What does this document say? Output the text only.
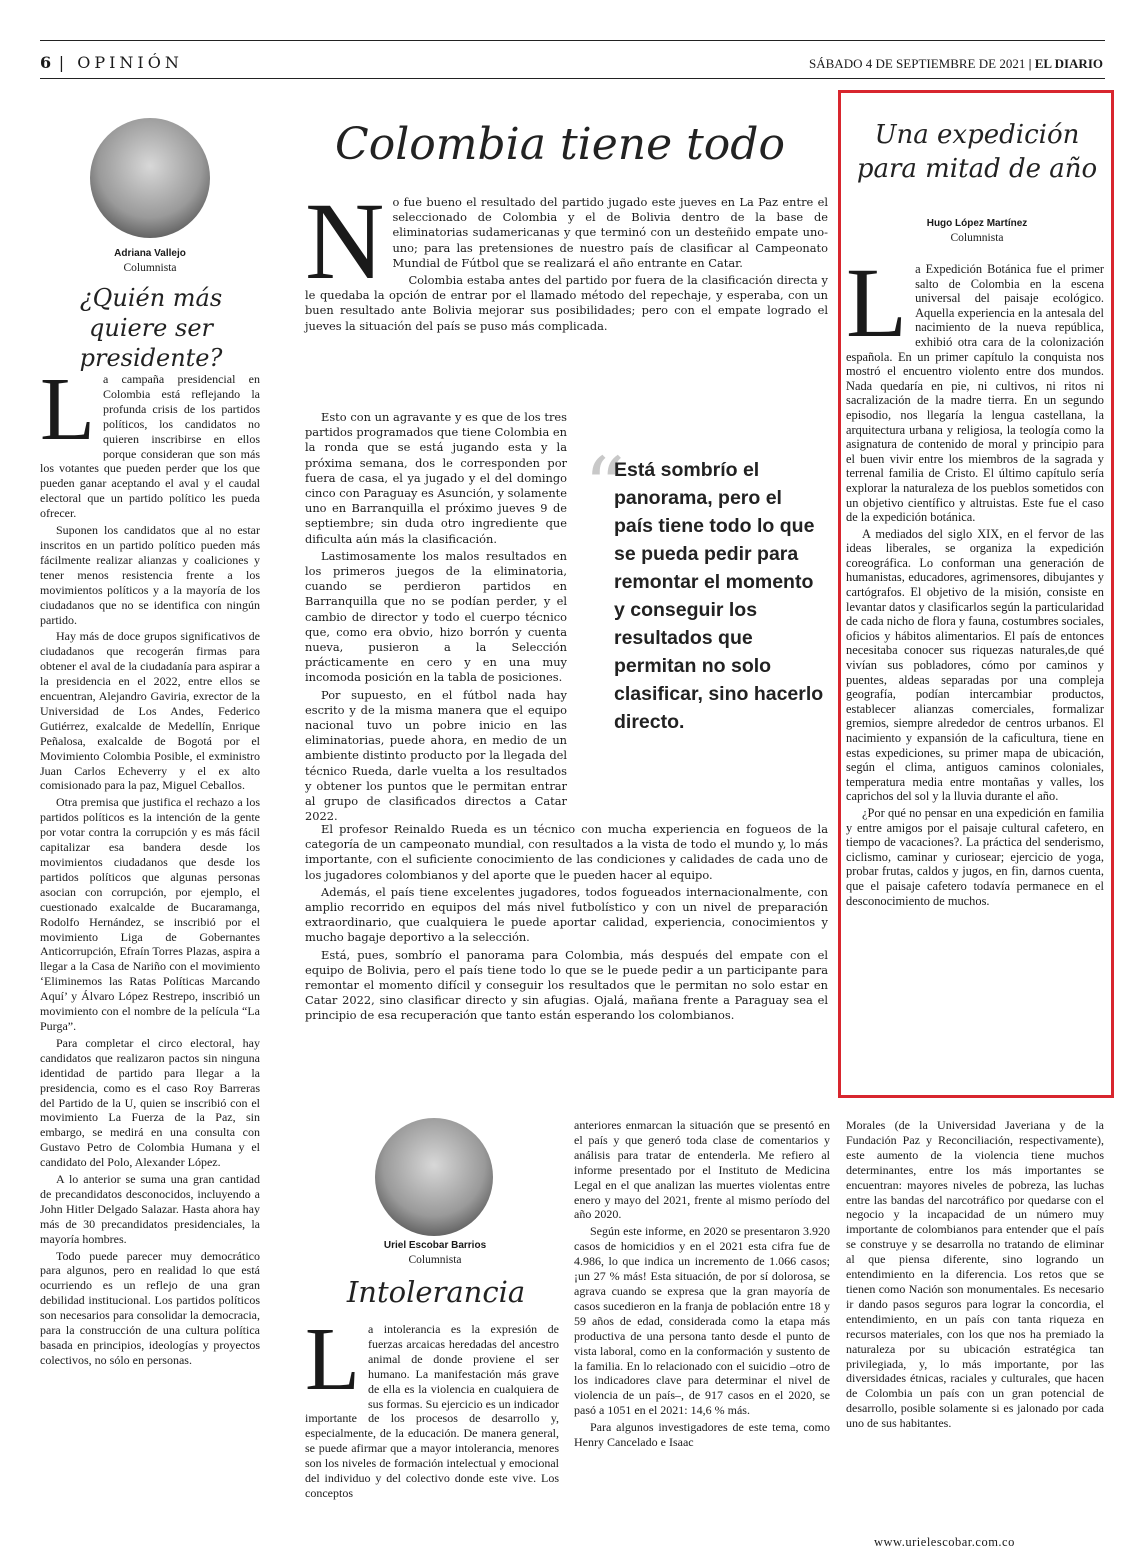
6 | OPINIÓN	SÁBADO 4 DE SEPTIEMBRE DE 2021 | EL DIARIO
Adriana Vallejo
Columnista
¿Quién más quiere ser presidente?
L a campaña presidencial en Colombia está reflejando la profunda crisis de los partidos políticos, los candidatos no quieren inscribirse en ellos porque consideran que son más los votantes que pueden perder que los que pueden ganar aceptando el aval y el caudal electoral que un partido político les pueda ofrecer.

Suponen los candidatos que al no estar inscritos en un partido político pueden más fácilmente realizar alianzas y coaliciones y tener menos resistencia frente a los movimientos políticos y a la mayoría de los ciudadanos que no se identifica con ningún partido.

Hay más de doce grupos significativos de ciudadanos que recogerán firmas para obtener el aval de la ciudadanía para aspirar a la presidencia en el 2022, entre ellos se encuentran, Alejandro Gaviria, exrector de la Universidad de Los Andes, Federico Gutiérrez, exalcalde de Medellín, Enrique Peñalosa, exalcalde de Bogotá por el Movimiento Colombia Posible, el exministro Juan Carlos Echeverry y el ex alto comisionado para la paz, Miguel Ceballos.

Otra premisa que justifica el rechazo a los partidos políticos es la intención de la gente por votar contra la corrupción y es más fácil capitalizar esa bandera desde los movimientos ciudadanos que desde los partidos políticos que algunas personas asocian con corrupción, por ejemplo, el cuestionado exalcalde de Bucaramanga, Rodolfo Hernández, se inscribió por el movimiento Liga de Gobernantes Anticorrupción, Efraín Torres Plazas, aspira a llegar a la Casa de Nariño con el movimiento ‘Eliminemos las Ratas Políticas Marcando Aquí’ y Álvaro López Restrepo, inscribió un movimiento con el nombre de la película “La Purga”.

Para completar el circo electoral, hay candidatos que realizaron pactos sin ninguna identidad de partido para llegar a la presidencia, como es el caso Roy Barreras del Partido de la U, quien se inscribió con el movimiento La Fuerza de la Paz, sin embargo, se medirá en una consulta con Gustavo Petro de Colombia Humana y el candidato del Polo, Alexander López.

A lo anterior se suma una gran cantidad de precandidatos desconocidos, incluyendo a John Hitler Delgado Salazar. Hasta ahora hay más de 30 precandidatos presidenciales, la mayoría hombres.

Todo puede parecer muy democrático para algunos, pero en realidad lo que está ocurriendo es un reflejo de una gran debilidad institucional. Los partidos políticos son necesarios para consolidar la democracia, para la construcción de una cultura política basada en principios, ideologías y proyectos colectivos, no sólo en personas.

Colombia tiene todo
N o fue bueno el resultado del partido jugado este jueves en La Paz entre el seleccionado de Colombia y el de Bolivia dentro de la base de eliminatorias sudamericanas y que terminó con un desteñido empate uno-uno; para las pretensiones de nuestro país de clasificar al Campeonato Mundial de Fútbol que se realizará el año entrante en Catar.

Colombia estaba antes del partido por fuera de la clasificación directa y le quedaba la opción de entrar por el llamado método del repechaje, y esperaba, con un buen resultado ante Bolivia mejorar sus posibilidades; pero con el empate logrado el jueves la situación del país se puso más complicada.

Esto con un agravante y es que de los tres partidos programados que tiene Colombia en la ronda que se está jugando esta y la próxima semana, dos le corresponden por fuera de casa, el ya jugado y el del domingo cinco con Paraguay es Asunción, y solamente uno en Barranquilla el próximo jueves 9 de septiembre; sin duda otro ingrediente que dificulta aún más la clasificación.

Lastimosamente los malos resultados en los primeros juegos de la eliminatoria, cuando se perdieron partidos en Barranquilla que no se podían perder, y el cambio de director y todo el cuerpo técnico que, como era obvio, hizo borrón y cuenta nueva, pusieron a la Selección prácticamente en cero y en una muy incomoda posición en la tabla de posiciones.

Por supuesto, en el fútbol nada hay escrito y de la misma manera que el equipo nacional tuvo un pobre inicio en las eliminatorias, puede ahora, en medio de un ambiente distinto producto por la llegada del técnico Rueda, darle vuelta a los resultados y obtener los puntos que le permitan entrar al grupo de clasificados directos a Catar 2022.

El profesor Reinaldo Rueda es un técnico con mucha experiencia en fogueos de la categoría de un campeonato mundial, con resultados a la vista de todo el mundo y, lo más importante, con el suficiente conocimiento de las condiciones y calidades de cada uno de los jugadores colombianos y del aporte que le pueden hacer al equipo.

Además, el país tiene excelentes jugadores, todos fogueados internacionalmente, con amplio recorrido en equipos del más nivel futbolístico y con un nivel de preparación extraordinario, que cualquiera le puede aportar calidad, experiencia, conocimientos y mucho bagaje deportivo a la selección.

Está, pues, sombrío el panorama para Colombia, más después del empate con el equipo de Bolivia, pero el país tiene todo lo que se le puede pedir a un participante para remontar el momento difícil y conseguir los resultados que le permitan no solo estar en Catar 2022, sino clasificar directo y sin afugias. Ojalá, mañana frente a Paraguay sea el principio de esa recuperación que tanto están esperando los colombianos.

“
Está sombrío el panorama, pero el país tiene todo lo que se pueda pedir para remontar el momento y conseguir los resultados que permitan no solo clasificar, sino hacerlo directo.
Una expedición para mitad de año
Hugo López Martínez
Columnista
L a Expedición Botánica fue el primer salto de Colombia en la escena universal del paisaje ecológico. Aquella experiencia en la antesala del nacimiento de la nueva república, exhibió otra cara de la colonización española. En un primer capítulo la conquista nos mostró el encuentro violento entre dos mundos. Nada quedaría en pie, ni cultivos, ni ritos ni sacralización de la madre tierra. En un segundo episodio, nos llegaría la lengua castellana, la arquitectura urbana y religiosa, la teología como la asignatura de contenido de moral y principio para el buen vivir entre los miembros de la sagrada y terrenal familia de Cristo. El último capítulo sería explorar la naturaleza de los pueblos sometidos con un objetivo científico y altruistas. Este fue el caso de la expedición botánica.

A mediados del siglo XIX, en el fervor de las ideas liberales, se organiza la expedición coreográfica. Lo conforman una generación de humanistas, educadores, agrimensores, dibujantes y cartógrafos. El objetivo de la misión, consiste en levantar datos y clasificarlos según la particularidad de cada nicho de flora y fauna, costumbres sociales, oficios y hábitos alimentarios. El país de entonces necesitaba conocer sus riquezas naturales,de qué vivían sus pobladores, cómo por caminos y puentes, aldeas separadas por una compleja geografía, podían intercambiar productos, establecer alianzas comerciales, formalizar gremios, siempre alrededor de centros urbanos. El nacimiento y expansión de la caficultura, tiene en estas expediciones, su primer mapa de ubicación, según el clima, antiguos caminos coloniales, temperatura media entre montañas y valles, los caprichos del sol y la lluvia durante el año.

¿Por qué no pensar en una expedición en familia y entre amigos por el paisaje cultural cafetero, en tiempo de vacaciones?. La práctica del senderismo, ciclismo, caminar y curiosear; ejercicio de yoga, probar frutas, caldos y jugos, en fin, darnos cuenta, que el paisaje cafetero todavía permanece en el desconocimiento de muchos.

Uriel Escobar Barrios
Columnista
Intolerancia
L a intolerancia es la expresión de fuerzas arcaicas heredadas del ancestro animal de donde proviene el ser humano. La manifestación más grave de ella es la violencia en cualquiera de sus formas. Su ejercicio es un indicador importante de los procesos de desarrollo y, especialmente, de la educación. De manera general, se puede afirmar que a mayor intolerancia, menores son los niveles de formación intelectual y emocional del individuo y del colectivo donde este vive. Los conceptos

anteriores enmarcan la situación que se presentó en el país y que generó toda clase de comentarios y análisis para tratar de entenderla. Me refiero al informe presentado por el Instituto de Medicina Legal en el que analizan las muertes violentas entre enero y mayo del 2021, frente al mismo período del año 2020.

Según este informe, en 2020 se presentaron 3.920 casos de homicidios y en el 2021 esta cifra fue de 4.986, lo que indica un incremento de 1.066 casos; ¡un 27 % más! Esta situación, de por sí dolorosa, se agrava cuando se expresa que la gran mayoría de casos sucedieron en la franja de población entre 18 y 59 años de edad, considerada como la etapa más productiva de una persona tanto desde el punto de vista laboral, como en la conformación y sustento de la familia. En lo relacionado con el suicidio –otro de los indicadores clave para determinar el nivel de violencia de un país–, de 917 casos en el 2020, se pasó a 1051 en el 2021: 14,6 % más.

Para algunos investigadores de este tema, como Henry Cancelado e Isaac

Morales (de la Universidad Javeriana y de la Fundación Paz y Reconciliación, respectivamente), este aumento de la violencia tiene muchos determinantes, entre los más importantes se encuentran: mayores niveles de pobreza, las luchas entre las bandas del narcotráfico por quedarse con el negocio y la incapacidad de un número muy importante de colombianos para entender que el país se construye y se desarrolla no tratando de eliminar al que piensa diferente, sino logrando un entendimiento en la diferencia. Los retos que se tienen como Nación son monumentales. Es necesario ir dando pasos seguros para lograr la concordia, el entendimiento, en un país con tanta riqueza en recursos materiales, con los que nos ha premiado la naturaleza por su ubicación estratégica tan privilegiada, y, lo más importante, por las diversidades étnicas, raciales y culturales, que hacen de Colombia un país con un gran potencial de desarrollo, posible solamente si es jalonado por cada uno de sus habitantes.

www.urielescobar.com.co
